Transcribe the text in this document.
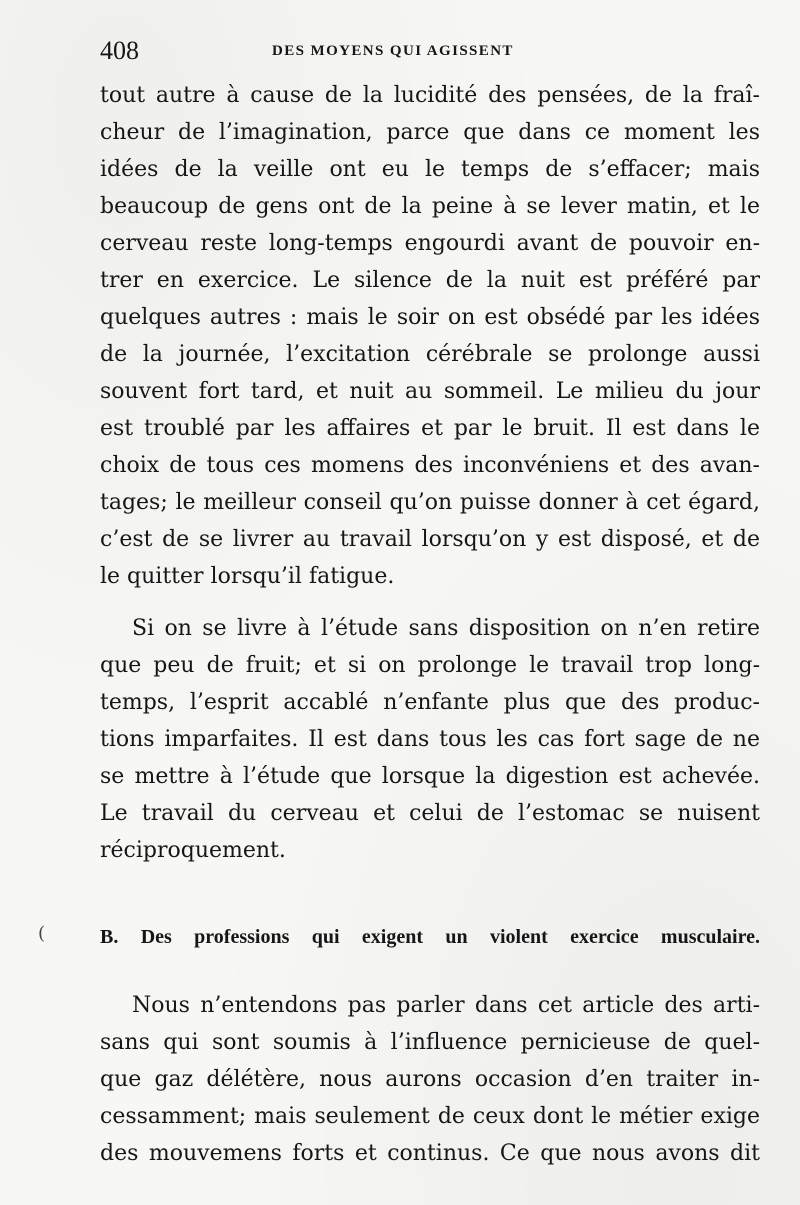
408	DES MOYENS QUI AGISSENT
tout autre à cause de la lucidité des pensées, de la fraî-
cheur de l’imagination, parce que dans ce moment les
idées de la veille ont eu le temps de s’effacer; mais
beaucoup de gens ont de la peine à se lever matin, et le
cerveau reste long-temps engourdi avant de pouvoir en-
trer en exercice. Le silence de la nuit est préféré par
quelques autres : mais le soir on est obsédé par les idées
de la journée, l’excitation cérébrale se prolonge aussi
souvent fort tard, et nuit au sommeil. Le milieu du jour
est troublé par les affaires et par le bruit. Il est dans le
choix de tous ces momens des inconvéniens et des avan-
tages; le meilleur conseil qu’on puisse donner à cet égard,
c’est de se livrer au travail lorsqu’on y est disposé, et de
le quitter lorsqu’il fatigue.
Si on se livre à l’étude sans disposition on n’en retire
que peu de fruit; et si on prolonge le travail trop long-
temps, l’esprit accablé n’enfante plus que des produc-
tions imparfaites. Il est dans tous les cas fort sage de ne
se mettre à l’étude que lorsque la digestion est achevée.
Le travail du cerveau et celui de l’estomac se nuisent
réciproquement.
(	B. Des professions qui exigent un violent exercice musculaire.
Nous n’entendons pas parler dans cet article des arti-
sans qui sont soumis à l’influence pernicieuse de quel-
que gaz délétère, nous aurons occasion d’en traiter in-
cessamment; mais seulement de ceux dont le métier exige
des mouvemens forts et continus. Ce que nous avons dit
